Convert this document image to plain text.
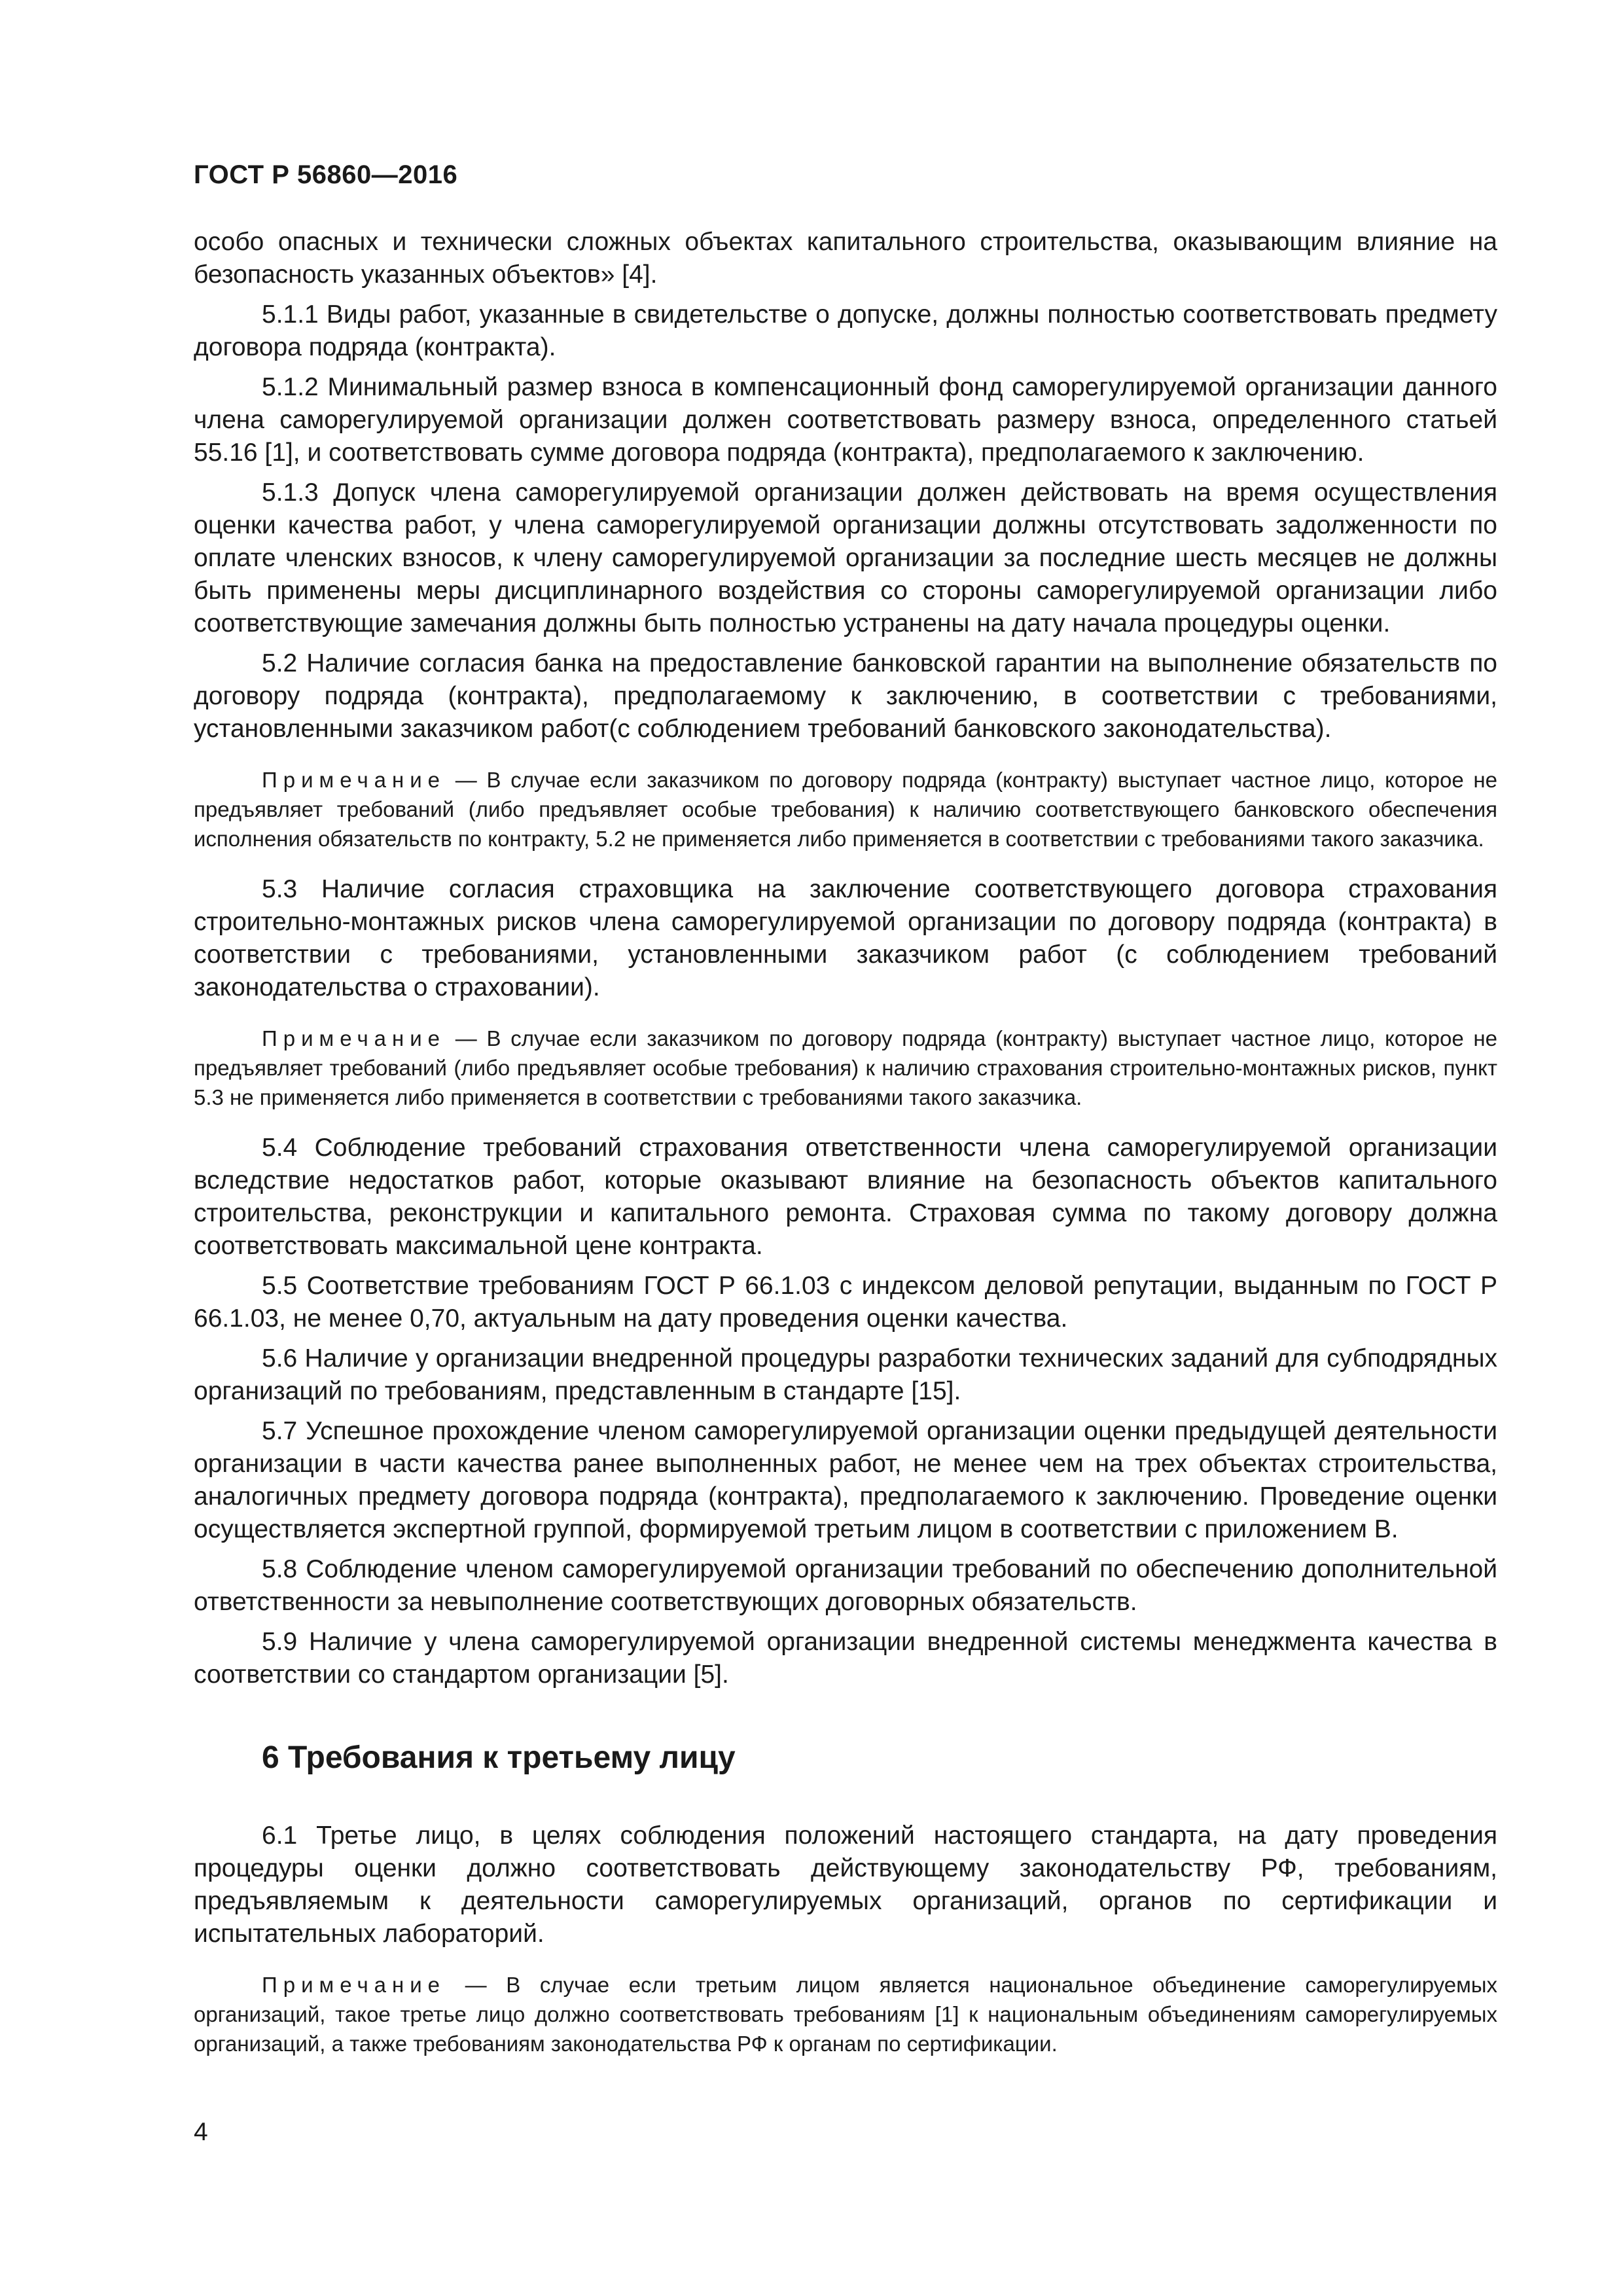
ГОСТ Р 56860—2016

особо опасных и технически сложных объектах капитального строительства, оказывающим влияние на безопасность указанных объектов» [4].

5.1.1 Виды работ, указанные в свидетельстве о допуске, должны полностью соответствовать предмету договора подряда (контракта).

5.1.2 Минимальный размер взноса в компенсационный фонд саморегулируемой организации данного члена саморегулируемой организации должен соответствовать размеру взноса, определенного статьей 55.16 [1], и соответствовать сумме договора подряда (контракта), предполагаемого к заключению.

5.1.3 Допуск члена саморегулируемой организации должен действовать на время осуществления оценки качества работ, у члена саморегулируемой организации должны отсутствовать задолженности по оплате членских взносов, к члену саморегулируемой организации за последние шесть месяцев не должны быть применены меры дисциплинарного воздействия со стороны саморегулируемой организации либо соответствующие замечания должны быть полностью устранены на дату начала процедуры оценки.

5.2 Наличие согласия банка на предоставление банковской гарантии на выполнение обязательств по договору подряда (контракта), предполагаемому к заключению, в соответствии с требованиями, установленными заказчиком работ(с соблюдением требований банковского законодательства).

Примечание — В случае если заказчиком по договору подряда (контракту) выступает частное лицо, которое не предъявляет требований (либо предъявляет особые требования) к наличию соответствующего банковского обеспечения исполнения обязательств по контракту, 5.2 не применяется либо применяется в соответствии с требованиями такого заказчика.

5.3 Наличие согласия страховщика на заключение соответствующего договора страхования строительно-монтажных рисков члена саморегулируемой организации по договору подряда (контракта) в соответствии с требованиями, установленными заказчиком работ (с соблюдением требований законодательства о страховании).

Примечание — В случае если заказчиком по договору подряда (контракту) выступает частное лицо, которое не предъявляет требований (либо предъявляет особые требования) к наличию страхования строительно-монтажных рисков, пункт 5.3 не применяется либо применяется в соответствии с требованиями такого заказчика.

5.4 Соблюдение требований страхования ответственности члена саморегулируемой организации вследствие недостатков работ, которые оказывают влияние на безопасность объектов капитального строительства, реконструкции и капитального ремонта. Страховая сумма по такому договору должна соответствовать максимальной цене контракта.

5.5 Соответствие требованиям ГОСТ Р 66.1.03 с индексом деловой репутации, выданным по ГОСТ Р 66.1.03, не менее 0,70, актуальным на дату проведения оценки качества.

5.6 Наличие у организации внедренной процедуры разработки технических заданий для субподрядных организаций по требованиям, представленным в стандарте [15].

5.7 Успешное прохождение членом саморегулируемой организации оценки предыдущей деятельности организации в части качества ранее выполненных работ, не менее чем на трех объектах строительства, аналогичных предмету договора подряда (контракта), предполагаемого к заключению. Проведение оценки осуществляется экспертной группой, формируемой третьим лицом в соответствии с приложением В.

5.8 Соблюдение членом саморегулируемой организации требований по обеспечению дополнительной ответственности за невыполнение соответствующих договорных обязательств.

5.9 Наличие у члена саморегулируемой организации внедренной системы менеджмента качества в соответствии со стандартом организации [5].

6 Требования к третьему лицу

6.1 Третье лицо, в целях соблюдения положений настоящего стандарта, на дату проведения процедуры оценки должно соответствовать действующему законодательству РФ, требованиям, предъявляемым к деятельности саморегулируемых организаций, органов по сертификации и испытательных лабораторий.

Примечание — В случае если третьим лицом является национальное объединение саморегулируемых организаций, такое третье лицо должно соответствовать требованиям [1] к национальным объединениям саморегулируемых организаций, а также требованиям законодательства РФ к органам по сертификации.
4
